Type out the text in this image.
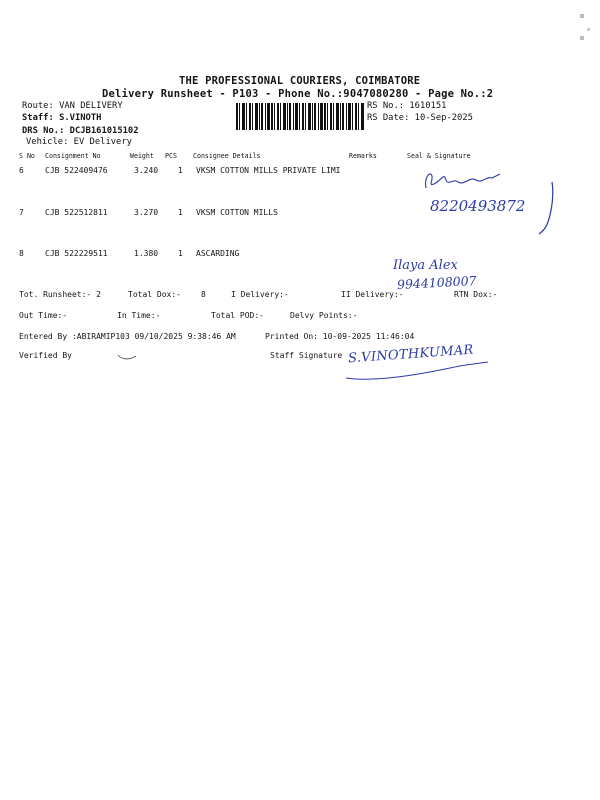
THE PROFESSIONAL COURIERS, COIMBATORE
Delivery Runsheet - P103 - Phone No.:9047080280 - Page No.:2
Route: VAN DELIVERY
Staff: S.VINOTH
DRS No.: DCJB161015102
Vehicle: EV Delivery
RS No.: 1610151
RS Date: 10-Sep-2025
S No Consignment No	Weight PCS Consignee Details	Remarks	Seal & Signature
6	CJB 522409476	3.240 1 VKSM COTTON MILLS PRIVATE LIMI
7	CJB 522512811	3.270 1 VKSM COTTON MILLS
8	CJB 522229511	1.380 1 ASCARDING
8220493872
Ilaya Alex
9944108007
Tot. Runsheet:- 2	Total Dox:-	8	I Delivery:-	II Delivery:-	RTN Dox:-
Out Time:-	In Time:-	Total POD:-	Delvy Points:-
Entered By :ABIRAMIP103 09/10/2025 9:38:46 AM	Printed On: 10-09-2025 11:46:04
Verified By	Staff Signature S.VINOTHKUMAR
